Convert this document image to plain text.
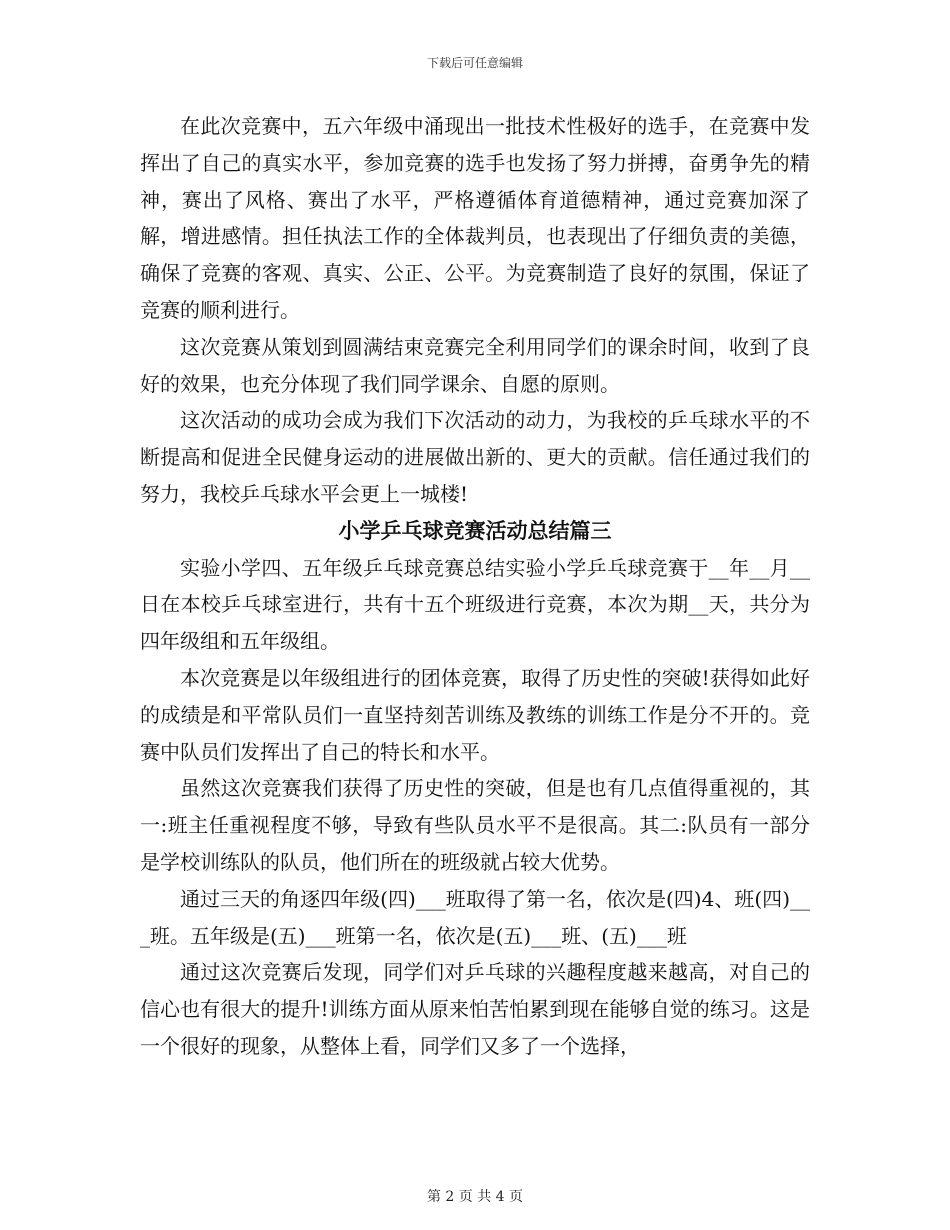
下载后可任意编辑

在此次竞赛中，五六年级中涌现出一批技术性极好的选手，在竞赛中发挥出了自己的真实水平，参加竞赛的选手也发扬了努力拼搏，奋勇争先的精神，赛出了风格、赛出了水平，严格遵循体育道德精神，通过竞赛加深了解，增进感情。担任执法工作的全体裁判员，也表现出了仔细负责的美德，确保了竞赛的客观、真实、公正、公平。为竞赛制造了良好的氛围，保证了竞赛的顺利进行。

这次竞赛从策划到圆满结束竞赛完全利用同学们的课余时间，收到了良好的效果，也充分体现了我们同学课余、自愿的原则。

这次活动的成功会成为我们下次活动的动力，为我校的乒乓球水平的不断提高和促进全民健身运动的进展做出新的、更大的贡献。信任通过我们的努力，我校乒乓球水平会更上一城楼!

小学乒乓球竞赛活动总结篇三

实验小学四、五年级乒乓球竞赛总结实验小学乒乓球竞赛于__年__月__日在本校乒乓球室进行，共有十五个班级进行竞赛，本次为期__天，共分为四年级组和五年级组。

本次竞赛是以年级组进行的团体竞赛，取得了历史性的突破!获得如此好的成绩是和平常队员们一直坚持刻苦训练及教练的训练工作是分不开的。竞赛中队员们发挥出了自己的特长和水平。

虽然这次竞赛我们获得了历史性的突破，但是也有几点值得重视的，其一:班主任重视程度不够，导致有些队员水平不是很高。其二:队员有一部分是学校训练队的队员，他们所在的班级就占较大优势。

通过三天的角逐四年级(四)___班取得了第一名，依次是(四)4、班(四)___班。五年级是(五)___班第一名，依次是(五)___班、(五)___班

通过这次竞赛后发现，同学们对乒乓球的兴趣程度越来越高，对自己的信心也有很大的提升!训练方面从原来怕苦怕累到现在能够自觉的练习。这是一个很好的现象，从整体上看，同学们又多了一个选择，

第 2 页 共 4 页
